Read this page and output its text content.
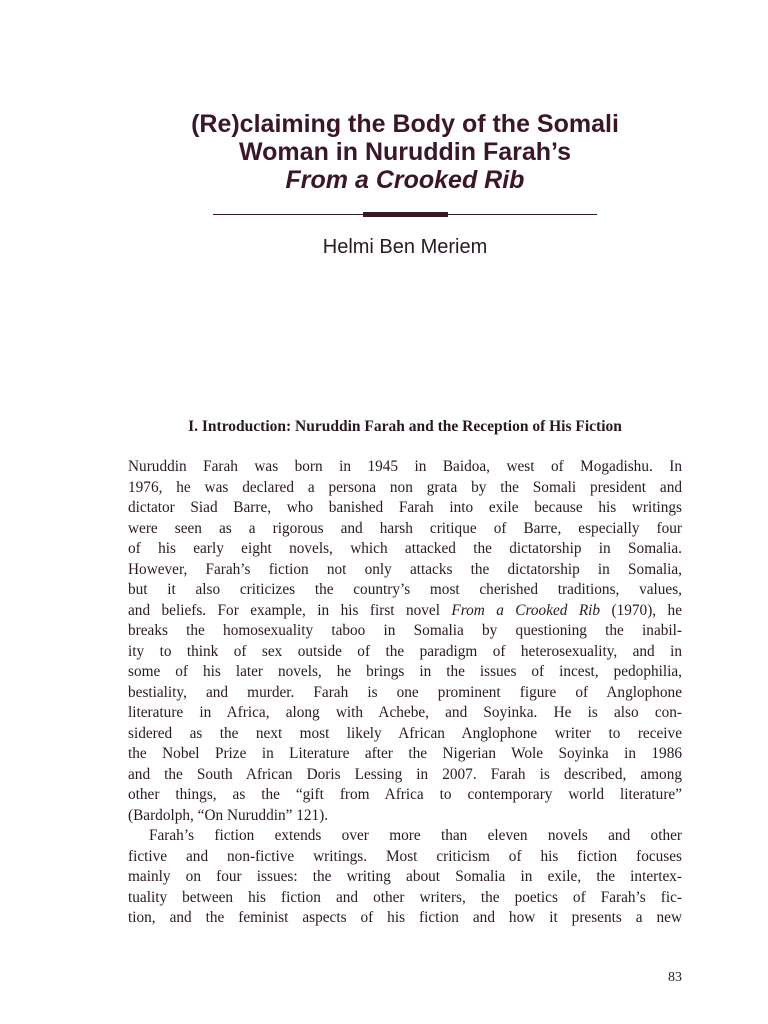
(Re)claiming the Body of the Somali
Woman in Nuruddin Farah’s
From a Crooked Rib
Helmi Ben Meriem
I. Introduction: Nuruddin Farah and the Reception of His Fiction
Nuruddin Farah was born in 1945 in Baidoa, west of Mogadishu. In
1976, he was declared a persona non grata by the Somali president and
dictator Siad Barre, who banished Farah into exile because his writings
were seen as a rigorous and harsh critique of Barre, especially four
of his early eight novels, which attacked the dictatorship in Somalia.
However, Farah’s fiction not only attacks the dictatorship in Somalia,
but it also criticizes the country’s most cherished traditions, values,
and beliefs. For example, in his first novel From a Crooked Rib (1970), he
breaks the homosexuality taboo in Somalia by questioning the inabil-
ity to think of sex outside of the paradigm of heterosexuality, and in
some of his later novels, he brings in the issues of incest, pedophilia,
bestiality, and murder. Farah is one prominent figure of Anglophone
literature in Africa, along with Achebe, and Soyinka. He is also con-
sidered as the next most likely African Anglophone writer to receive
the Nobel Prize in Literature after the Nigerian Wole Soyinka in 1986
and the South African Doris Lessing in 2007. Farah is described, among
other things, as the “gift from Africa to contemporary world literature”
(Bardolph, “On Nuruddin” 121).
Farah’s fiction extends over more than eleven novels and other
fictive and non-fictive writings. Most criticism of his fiction focuses
mainly on four issues: the writing about Somalia in exile, the intertex-
tuality between his fiction and other writers, the poetics of Farah’s fic-
tion, and the feminist aspects of his fiction and how it presents a new
83
